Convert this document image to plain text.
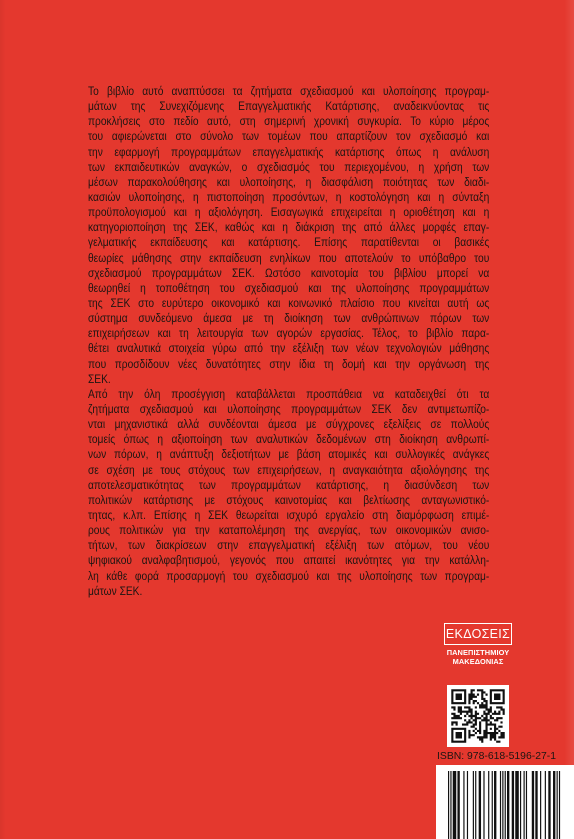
Το βιβλίο αυτό αναπτύσσει τα ζητήματα σχεδιασμού και υλοποίησης προγραμ-
μάτων της Συνεχιζόμενης Επαγγελματικής Κατάρτισης, αναδεικνύοντας τις
προκλήσεις στο πεδίο αυτό, στη σημερινή χρονική συγκυρία. Το κύριο μέρος
του αφιερώνεται στο σύνολο των τομέων που απαρτίζουν τον σχεδιασμό και
την εφαρμογή προγραμμάτων επαγγελματικής κατάρτισης όπως η ανάλυση
των εκπαιδευτικών αναγκών, ο σχεδιασμός του περιεχομένου, η χρήση των
μέσων παρακολούθησης και υλοποίησης, η διασφάλιση ποιότητας των διαδι-
κασιών υλοποίησης, η πιστοποίηση προσόντων, η κοστολόγηση και η σύνταξη
προϋπολογισμού και η αξιολόγηση. Εισαγωγικά επιχειρείται η οριοθέτηση και η
κατηγοριοποίηση της ΣΕΚ, καθώς και η διάκριση της από άλλες μορφές επαγ-
γελματικής εκπαίδευσης και κατάρτισης. Επίσης παρατίθενται οι βασικές
θεωρίες μάθησης στην εκπαίδευση ενηλίκων που αποτελούν το υπόβαθρο του
σχεδιασμού προγραμμάτων ΣΕΚ. Ωστόσο καινοτομία του βιβλίου μπορεί να
θεωρηθεί η τοποθέτηση του σχεδιασμού και της υλοποίησης προγραμμάτων
της ΣΕΚ στο ευρύτερο οικονομικό και κοινωνικό πλαίσιο που κινείται αυτή ως
σύστημα συνδεόμενο άμεσα με τη διοίκηση των ανθρώπινων πόρων των
επιχειρήσεων και τη λειτουργία των αγορών εργασίας. Τέλος, το βιβλίο παρα-
θέτει αναλυτικά στοιχεία γύρω από την εξέλιξη των νέων τεχνολογιών μάθησης
που προσδίδουν νέες δυνατότητες στην ίδια τη δομή και την οργάνωση της
ΣΕΚ.
Από την όλη προσέγγιση καταβάλλεται προσπάθεια να καταδειχθεί ότι τα
ζητήματα σχεδιασμού και υλοποίησης προγραμμάτων ΣΕΚ δεν αντιμετωπίζο-
νται μηχανιστικά αλλά συνδέονται άμεσα με σύγχρονες εξελίξεις σε πολλούς
τομείς όπως η αξιοποίηση των αναλυτικών δεδομένων στη διοίκηση ανθρωπί-
νων πόρων, η ανάπτυξη δεξιοτήτων με βάση ατομικές και συλλογικές ανάγκες
σε σχέση με τους στόχους των επιχειρήσεων, η αναγκαιότητα αξιολόγησης της
αποτελεσματικότητας των προγραμμάτων κατάρτισης, η διασύνδεση των
πολιτικών κατάρτισης με στόχους καινοτομίας και βελτίωσης ανταγωνιστικό-
τητας, κ.λπ. Επίσης η ΣΕΚ θεωρείται ισχυρό εργαλείο στη διαμόρφωση επιμέ-
ρους πολιτικών για την καταπολέμηση της ανεργίας, των οικονομικών ανισο-
τήτων, των διακρίσεων στην επαγγελματική εξέλιξη των ατόμων, του νέου
ψηφιακού αναλφαβητισμού, γεγονός που απαιτεί ικανότητες για την κατάλλη-
λη κάθε φορά προσαρμογή του σχεδιασμού και της υλοποίησης των προγραμ-
μάτων ΣΕΚ.
ΕΚΔΟΣΕΙΣ
ΠΑΝΕΠΙΣΤΗΜΙΟΥ
ΜΑΚΕΔΟΝΙΑΣ
ISBN: 978-618-5196-27-1
